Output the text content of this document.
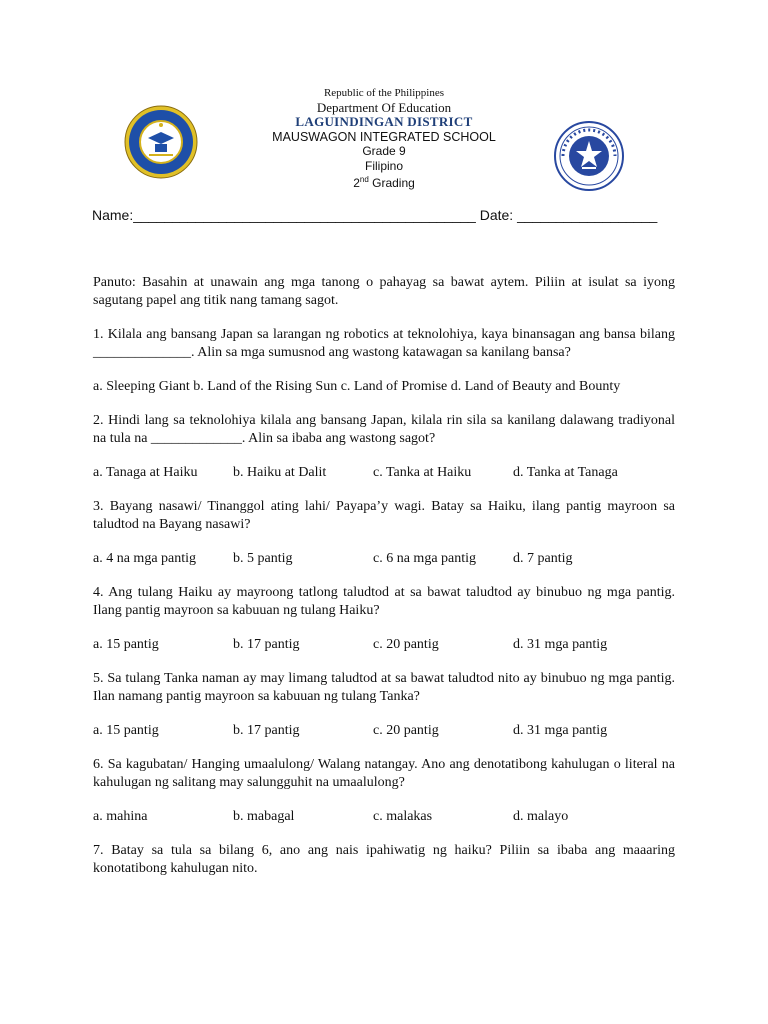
Republic of the Philippines
Department Of Education
LAGUINDINGAN DISTRICT
MAUSWAGON INTEGRATED SCHOOL
Grade 9
Filipino
2nd Grading
Name:____________________________________________ Date: __________________

Panuto: Basahin at unawain ang mga tanong o pahayag sa bawat aytem. Piliin at isulat sa iyong sagutang papel ang titik nang tamang sagot.

1. Kilala ang bansang Japan sa larangan ng robotics at teknolohiya, kaya binansagan ang bansa bilang ______________. Alin sa mga sumusnod ang wastong katawagan sa kanilang bansa?

a. Sleeping Giant b. Land of the Rising Sun c. Land of Promise d. Land of Beauty and Bounty

2. Hindi lang sa teknolohiya kilala ang bansang Japan, kilala rin sila sa kanilang dalawang tradiyonal na tula na _____________. Alin sa ibaba ang wastong sagot?

a. Tanaga at Haiku	b. Haiku at Dalit	c. Tanka at Haiku	d. Tanka at Tanaga

3. Bayang nasawi/ Tinanggol ating lahi/ Payapa’y wagi. Batay sa Haiku, ilang pantig mayroon sa taludtod na Bayang nasawi?

a. 4 na mga pantig	b. 5 pantig	c. 6 na mga pantig	d. 7 pantig

4. Ang tulang Haiku ay mayroong tatlong taludtod at sa bawat taludtod ay binubuo ng mga pantig. Ilang pantig mayroon sa kabuuan ng tulang Haiku?

a. 15 pantig	b. 17 pantig	c. 20 pantig	d. 31 mga pantig

5. Sa tulang Tanka naman ay may limang taludtod at sa bawat taludtod nito ay binubuo ng mga pantig. Ilan namang pantig mayroon sa kabuuan ng tulang Tanka?

a. 15 pantig	b. 17 pantig	c. 20 pantig	d. 31 mga pantig

6. Sa kagubatan/ Hanging umaalulong/ Walang natangay. Ano ang denotatibong kahulugan o literal na kahulugan ng salitang may salungguhit na umaalulong?

a. mahina	b. mabagal	c. malakas	d. malayo

7. Batay sa tula sa bilang 6, ano ang nais ipahiwatig ng haiku? Piliin sa ibaba ang maaaring konotatibong kahulugan nito.
